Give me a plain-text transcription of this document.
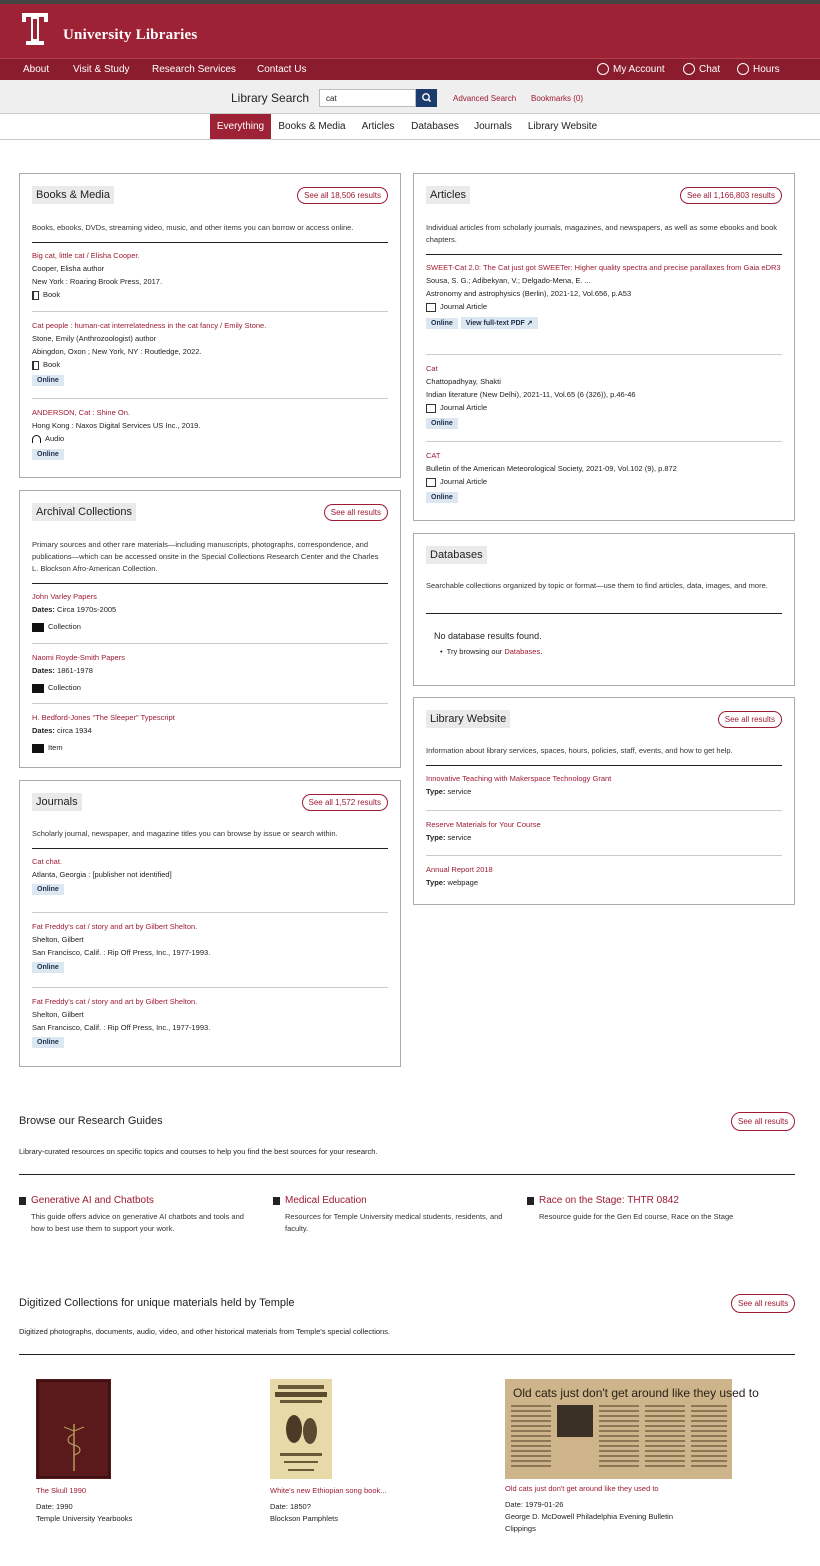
University Libraries
About Visit & Study Research Services Contact Us	My Account	Chat	Hours
Library Search
cat	Advanced Search Bookmarks (0)
Everything	Books & Media	Articles	Databases	Journals	Library Website
Books & Media	See all 18,506 results
Books, ebooks, DVDs, streaming video, music, and other items you can borrow or access online.
Big cat, little cat / Elisha Cooper.
Cooper, Elisha author
New York : Roaring Brook Press, 2017.
Book
Cat people : human-cat interrelatedness in the cat fancy / Emily Stone.
Stone, Emily (Anthrozoologist) author
Abingdon, Oxon ; New York, NY : Routledge, 2022.
Book
Online
ANDERSON, Cat : Shine On.
Hong Kong : Naxos Digital Services US Inc., 2019.
Audio
Online
Archival Collections	See all results
Primary sources and other rare materials—including manuscripts, photographs, correspondence, and publications—which can be accessed onsite in the Special Collections Research Center and the Charles L. Blockson Afro-American Collection.
John Varley Papers
Dates: Circa 1970s-2005
Collection
Naomi Royde-Smith Papers
Dates: 1861-1978
Collection
H. Bedford-Jones "The Sleeper" Typescript
Dates: circa 1934
Item
Journals	See all 1,572 results
Scholarly journal, newspaper, and magazine titles you can browse by issue or search within.
Cat chat.
Atlanta, Georgia : [publisher not identified]
Online
Fat Freddy's cat / story and art by Gilbert Shelton.
Shelton, Gilbert
San Francisco, Calif. : Rip Off Press, Inc., 1977-1993.
Online
Fat Freddy's cat / story and art by Gilbert Shelton.
Shelton, Gilbert
San Francisco, Calif. : Rip Off Press, Inc., 1977-1993.
Online
Articles	See all 1,166,803 results
Individual articles from scholarly journals, magazines, and newspapers, as well as some ebooks and book chapters.
SWEET-Cat 2.0: The Cat just got SWEETer: Higher quality spectra and precise parallaxes from Gaia eDR3
Sousa, S. G.; Adibekyan, V.; Delgado-Mena, E. ...
Astronomy and astrophysics (Berlin), 2021-12, Vol.656, p.A53
Journal Article
Online View full-text PDF ↗
Cat
Chattopadhyay, Shakti
Indian literature (New Delhi), 2021-11, Vol.65 (6 (326)), p.46-46
Journal Article
Online
CAT
Bulletin of the American Meteorological Society, 2021-09, Vol.102 (9), p.872
Journal Article
Online
Databases
Searchable collections organized by topic or format—use them to find articles, data, images, and more.
No database results found.
•  Try browsing our Databases.
Library Website	See all results
Information about library services, spaces, hours, policies, staff, events, and how to get help.
Innovative Teaching with Makerspace Technology Grant
Type: service
Reserve Materials for Your Course
Type: service
Annual Report 2018
Type: webpage
Browse our Research Guides	See all results
Library-curated resources on specific topics and courses to help you find the best sources for your research.
Generative AI and Chatbots
This guide offers advice on generative AI chatbots and tools and how to best use them to support your work.
Medical Education
Resources for Temple University medical students, residents, and faculty.
Race on the Stage: THTR 0842
Resource guide for the Gen Ed course, Race on the Stage
Digitized Collections for unique materials held by Temple	See all results
Digitized photographs, documents, audio, video, and other historical materials from Temple's special collections.
The Skull 1990
Date: 1990
Temple University Yearbooks
White's new Ethiopian song book...
Date: 1850?
Blockson Pamphlets
Old cats just don't get around like they used to
Old cats just don't get around like they used to
Date: 1979-01-26
George D. McDowell Philadelphia Evening Bulletin Clippings
